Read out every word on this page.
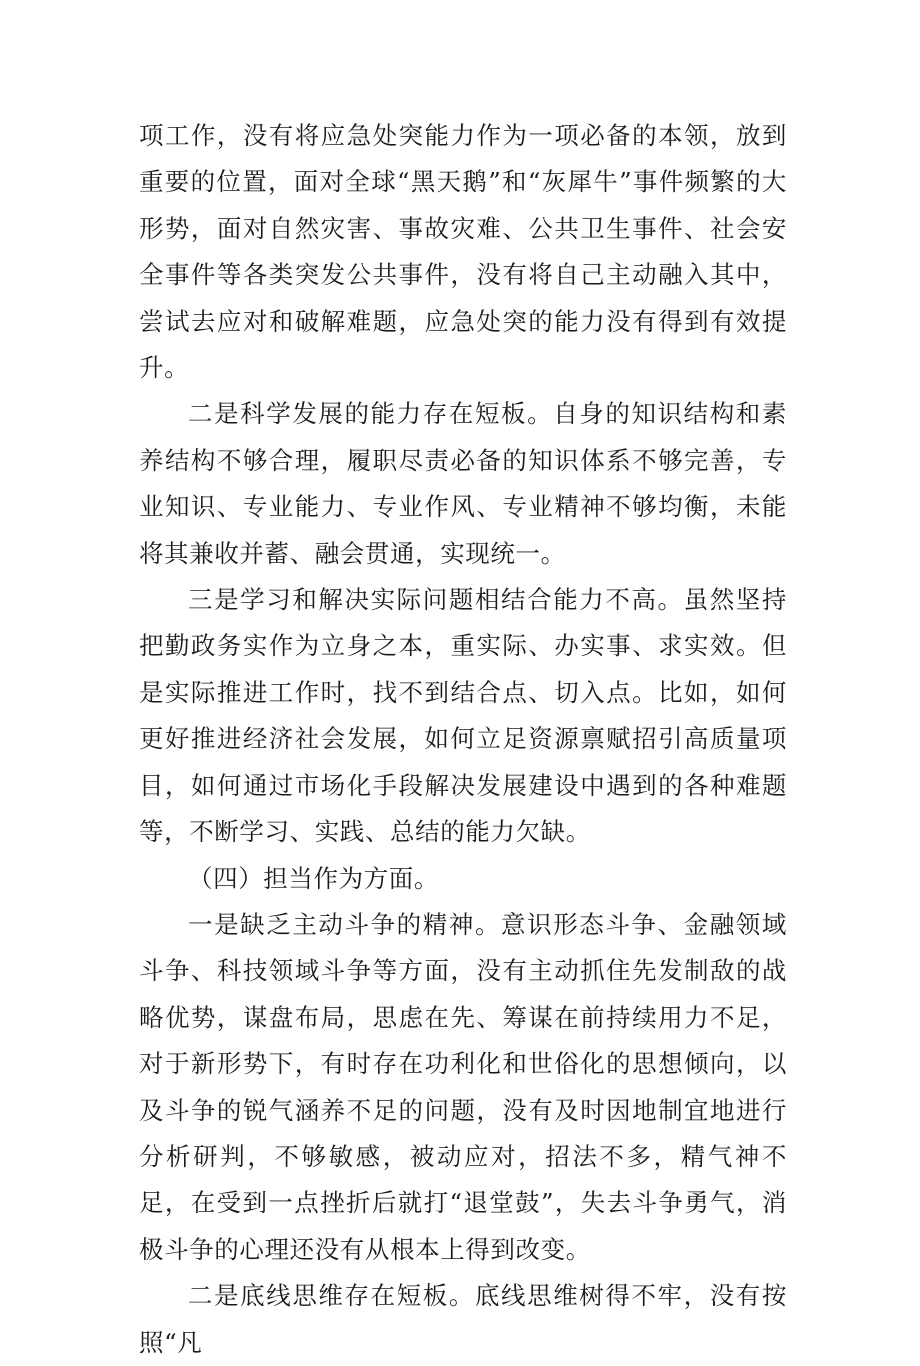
项工作，没有将应急处突能力作为一项必备的本领，放到重要的位置，面对全球“黑天鹅”和“灰犀牛”事件频繁的大形势，面对自然灾害、事故灾难、公共卫生事件、社会安全事件等各类突发公共事件，没有将自己主动融入其中，尝试去应对和破解难题，应急处突的能力没有得到有效提升。

二是科学发展的能力存在短板。自身的知识结构和素养结构不够合理，履职尽责必备的知识体系不够完善，专业知识、专业能力、专业作风、专业精神不够均衡，未能将其兼收并蓄、融会贯通，实现统一。

三是学习和解决实际问题相结合能力不高。虽然坚持把勤政务实作为立身之本，重实际、办实事、求实效。但是实际推进工作时，找不到结合点、切入点。比如，如何更好推进经济社会发展，如何立足资源禀赋招引高质量项目，如何通过市场化手段解决发展建设中遇到的各种难题等，不断学习、实践、总结的能力欠缺。

（四）担当作为方面。

一是缺乏主动斗争的精神。意识形态斗争、金融领域斗争、科技领域斗争等方面，没有主动抓住先发制敌的战略优势，谋盘布局，思虑在先、筹谋在前持续用力不足，对于新形势下，有时存在功利化和世俗化的思想倾向，以及斗争的锐气涵养不足的问题，没有及时因地制宜地进行分析研判，不够敏感，被动应对，招法不多，精气神不足，在受到一点挫折后就打“退堂鼓”，失去斗争勇气，消极斗争的心理还没有从根本上得到改变。

二是底线思维存在短板。底线思维树得不牢，没有按照“凡
